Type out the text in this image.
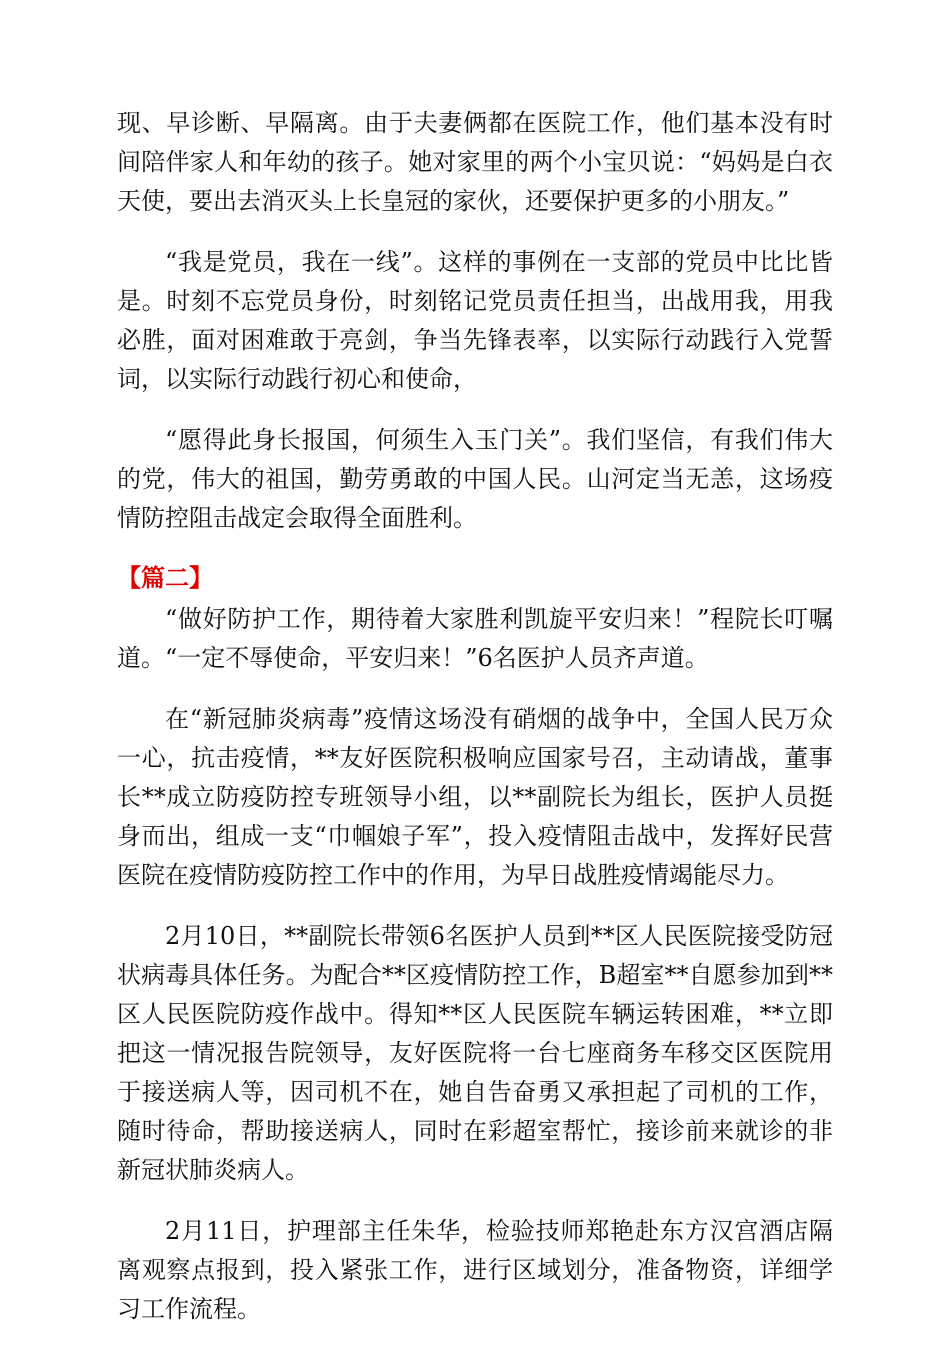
现、早诊断、早隔离。由于夫妻俩都在医院工作，他们基本没有时间陪伴家人和年幼的孩子。她对家里的两个小宝贝说：“妈妈是白衣天使，要出去消灭头上长皇冠的家伙，还要保护更多的小朋友。”

“我是党员，我在一线”。这样的事例在一支部的党员中比比皆是。时刻不忘党员身份，时刻铭记党员责任担当，出战用我，用我必胜，面对困难敢于亮剑，争当先锋表率，以实际行动践行入党誓词，以实际行动践行初心和使命，

“愿得此身长报国，何须生入玉门关”。我们坚信，有我们伟大的党，伟大的祖国，勤劳勇敢的中国人民。山河定当无恙，这场疫情防控阻击战定会取得全面胜利。

【篇二】

“做好防护工作，期待着大家胜利凯旋平安归来！”程院长叮嘱道。“一定不辱使命，平安归来！”6名医护人员齐声道。

在“新冠肺炎病毒”疫情这场没有硝烟的战争中，全国人民万众一心，抗击疫情，**友好医院积极响应国家号召，主动请战，董事长**成立防疫防控专班领导小组，以**副院长为组长，医护人员挺身而出，组成一支“巾帼娘子军”，投入疫情阻击战中，发挥好民营医院在疫情防疫防控工作中的作用，为早日战胜疫情竭能尽力。

2月10日，**副院长带领6名医护人员到**区人民医院接受防冠状病毒具体任务。为配合**区疫情防控工作，B超室**自愿参加到**区人民医院防疫作战中。得知**区人民医院车辆运转困难，**立即把这一情况报告院领导，友好医院将一台七座商务车移交区医院用于接送病人等，因司机不在，她自告奋勇又承担起了司机的工作，随时待命，帮助接送病人，同时在彩超室帮忙，接诊前来就诊的非新冠状肺炎病人。

2月11日，护理部主任朱华，检验技师郑艳赴东方汉宫酒店隔离观察点报到，投入紧张工作，进行区域划分，准备物资，详细学习工作流程。
